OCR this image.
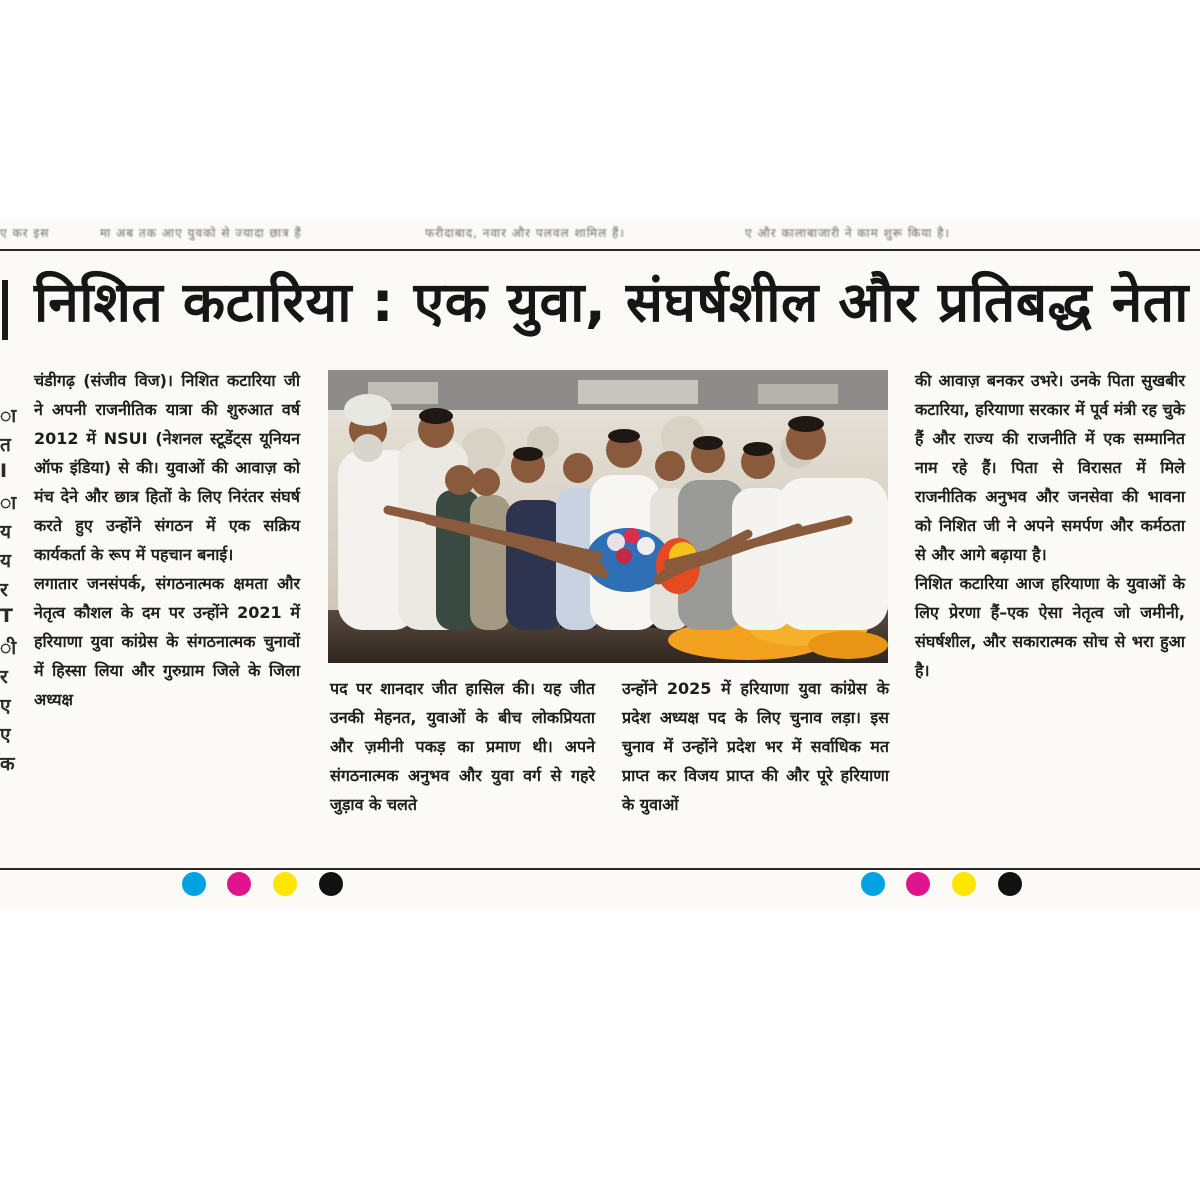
ए कर इस	मा अब तक आए युवको से ज्यादा छात्र हैं	फरीदाबाद, नवार और पलवल शामिल हैं।	ए और कालाबाजारी ने काम शुरू किया है।
निशित कटारिया : एक युवा, संघर्षशील और प्रतिबद्ध नेता
ा
त
I
ा
य
य
र
T
ी
र
ए
ए
क

चंडीगढ़ (संजीव विज)। निशित कटारिया जी ने अपनी राजनीतिक यात्रा की शुरुआत वर्ष 2012 में NSUI (नेशनल स्टूडेंट्स यूनियन ऑफ इंडिया) से की। युवाओं की आवाज़ को मंच देने और छात्र हितों के लिए निरंतर संघर्ष करते हुए उन्होंने संगठन में एक सक्रिय कार्यकर्ता के रूप में पहचान बनाई।

लगातार जनसंपर्क, संगठनात्मक क्षमता और नेतृत्व कौशल के दम पर उन्होंने 2021 में हरियाणा युवा कांग्रेस के संगठनात्मक चुनावों में हिस्सा लिया और गुरुग्राम जिले के जिला अध्यक्ष

पद पर शानदार जीत हासिल की। यह जीत उनकी मेहनत, युवाओं के बीच लोकप्रियता और ज़मीनी पकड़ का प्रमाण थी। अपने संगठनात्मक अनुभव और युवा वर्ग से गहरे जुड़ाव के चलते

उन्होंने 2025 में हरियाणा युवा कांग्रेस के प्रदेश अध्यक्ष पद के लिए चुनाव लड़ा। इस चुनाव में उन्होंने प्रदेश भर में सर्वाधिक मत प्राप्त कर विजय प्राप्त की और पूरे हरियाणा के युवाओं

की आवाज़ बनकर उभरे। उनके पिता सुखबीर कटारिया, हरियाणा सरकार में पूर्व मंत्री रह चुके हैं और राज्य की राजनीति में एक सम्मानित नाम रहे हैं। पिता से विरासत में मिले राजनीतिक अनुभव और जनसेवा की भावना को निशित जी ने अपने समर्पण और कर्मठता से और आगे बढ़ाया है।

निशित कटारिया आज हरियाणा के युवाओं के लिए प्रेरणा हैं–एक ऐसा नेतृत्व जो जमीनी, संघर्षशील, और सकारात्मक सोच से भरा हुआ है।
